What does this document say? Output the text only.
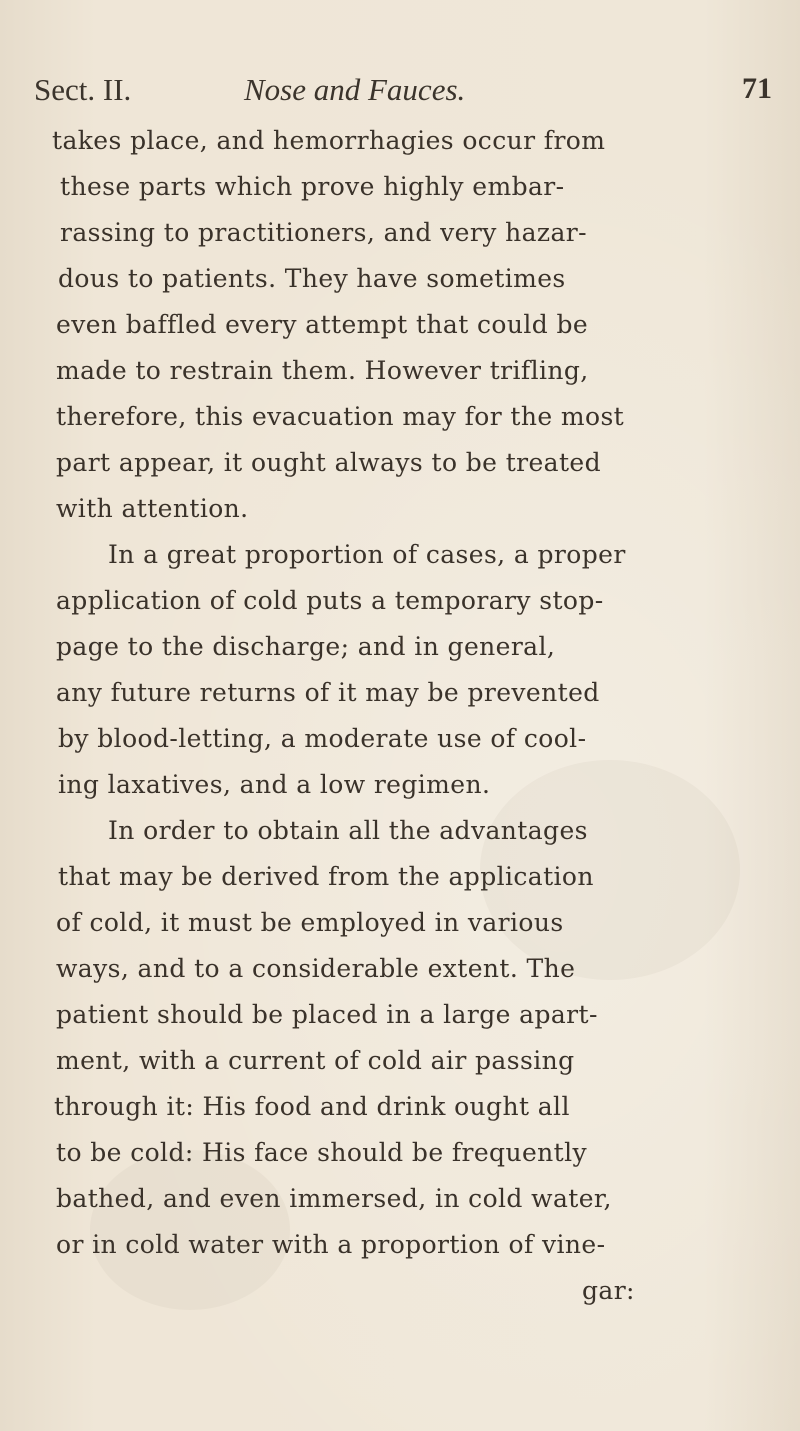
Sect. II.	Nose and Fauces.	71
takes place, and hemorrhagies occur from
these parts which prove highly embar-
rassing to practitioners, and very hazar-
dous to patients. They have sometimes
even baffled every attempt that could be
made to restrain them. However trifling,
therefore, this evacuation may for the most
part appear, it ought always to be treated
with attention.
In a great proportion of cases, a proper
application of cold puts a temporary stop-
page to the discharge; and in general,
any future returns of it may be prevented
by blood-letting, a moderate use of cool-
ing laxatives, and a low regimen.
In order to obtain all the advantages
that may be derived from the application
of cold, it must be employed in various
ways, and to a considerable extent. The
patient should be placed in a large apart-
ment, with a current of cold air passing
through it: His food and drink ought all
to be cold: His face should be frequently
bathed, and even immersed, in cold water,
or in cold water with a proportion of vine-
gar:
